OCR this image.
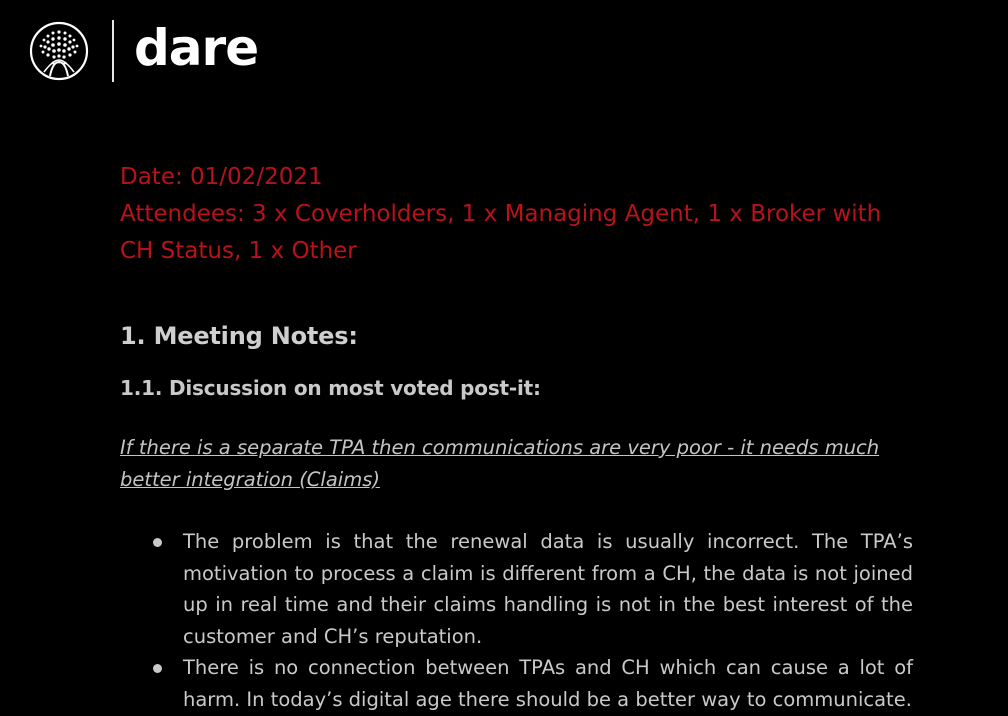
dare

Date: 01/02/2021

Attendees: 3 x Coverholders, 1 x Managing Agent, 1 x Broker with CH Status, 1 x Other

1. Meeting Notes:
1.1. Discussion on most voted post-it:

If there is a separate TPA then communications are very poor - it needs much better integration (Claims)

The problem is that the renewal data is usually incorrect. The TPA’s motivation to process a claim is different from a CH, the data is not joined up in real time and their claims handling is not in the best interest of the customer and CH’s reputation.
There is no connection between TPAs and CH which can cause a lot of harm. In today’s digital age there should be a better way to communicate.
